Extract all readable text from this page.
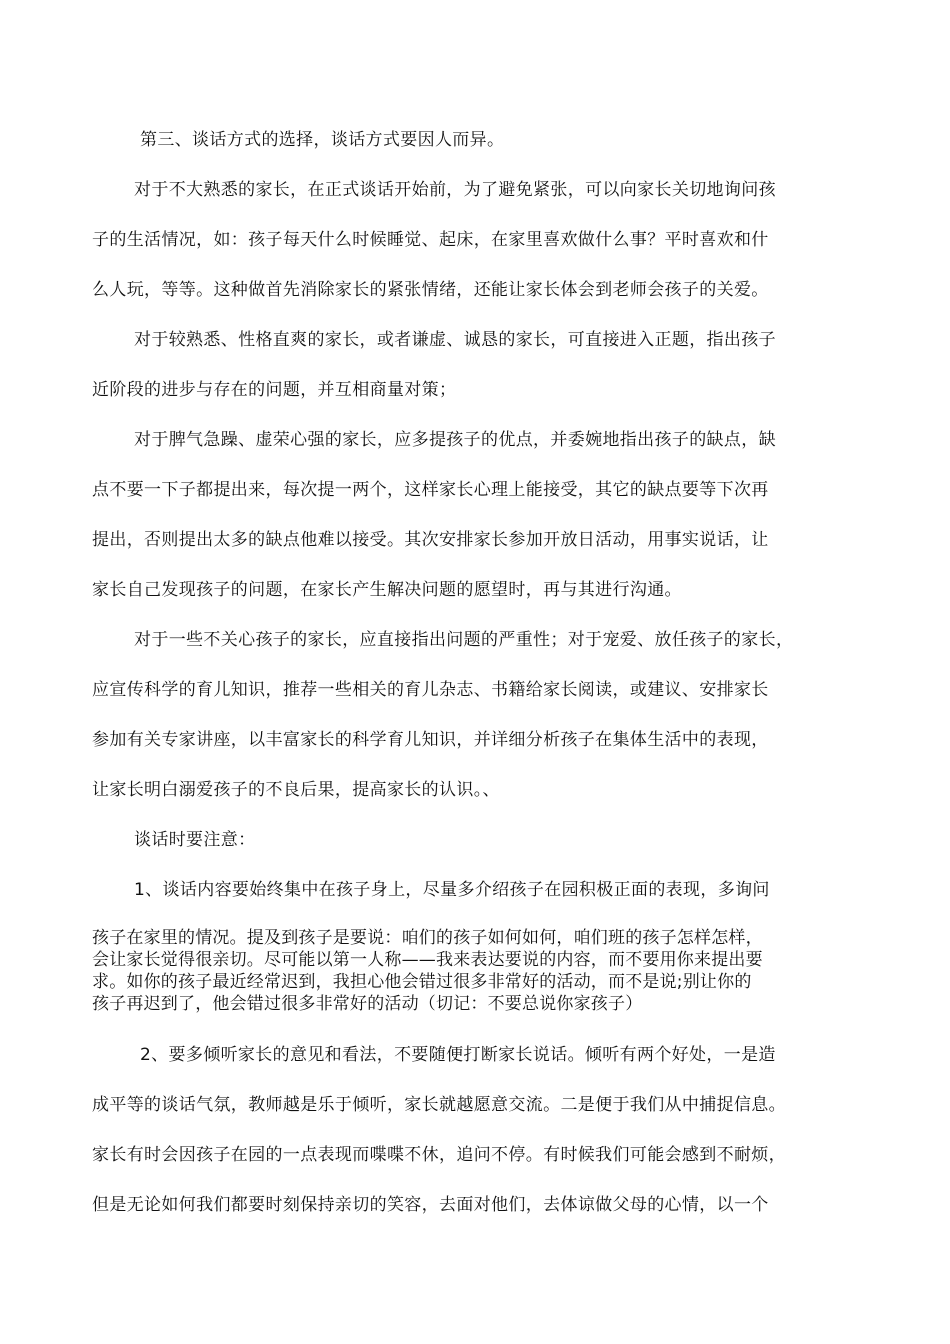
第三、谈话方式的选择，谈话方式要因人而异。
对于不大熟悉的家长，在正式谈话开始前，为了避免紧张，可以向家长关切地询问孩
子的生活情况，如：孩子每天什么时候睡觉、起床，在家里喜欢做什么事？平时喜欢和什
么人玩，等等。这种做首先消除家长的紧张情绪，还能让家长体会到老师会孩子的关爱。
对于较熟悉、性格直爽的家长，或者谦虚、诚恳的家长，可直接进入正题，指出孩子
近阶段的进步与存在的问题，并互相商量对策；
对于脾气急躁、虚荣心强的家长，应多提孩子的优点，并委婉地指出孩子的缺点，缺
点不要一下子都提出来，每次提一两个，这样家长心理上能接受，其它的缺点要等下次再
提出，否则提出太多的缺点他难以接受。其次安排家长参加开放日活动，用事实说话，让
家长自己发现孩子的问题，在家长产生解决问题的愿望时，再与其进行沟通。
对于一些不关心孩子的家长，应直接指出问题的严重性；对于宠爱、放任孩子的家长，
应宣传科学的育儿知识，推荐一些相关的育儿杂志、书籍给家长阅读，或建议、安排家长
参加有关专家讲座，以丰富家长的科学育儿知识，并详细分析孩子在集体生活中的表现，
让家长明白溺爱孩子的不良后果，提高家长的认识。、
谈话时要注意：
1、谈话内容要始终集中在孩子身上，尽量多介绍孩子在园积极正面的表现，多询问
孩子在家里的情况。提及到孩子是要说：咱们的孩子如何如何，咱们班的孩子怎样怎样，
会让家长觉得很亲切。尽可能以第一人称——我来表达要说的内容，而不要用你来提出要
求。如你的孩子最近经常迟到，我担心他会错过很多非常好的活动，而不是说;别让你的
孩子再迟到了，他会错过很多非常好的活动（切记：不要总说你家孩子）
2、要多倾听家长的意见和看法，不要随便打断家长说话。倾听有两个好处，一是造
成平等的谈话气氛，教师越是乐于倾听，家长就越愿意交流。二是便于我们从中捕捉信息。
家长有时会因孩子在园的一点表现而喋喋不休，追问不停。有时候我们可能会感到不耐烦，
但是无论如何我们都要时刻保持亲切的笑容，去面对他们，去体谅做父母的心情，以一个
